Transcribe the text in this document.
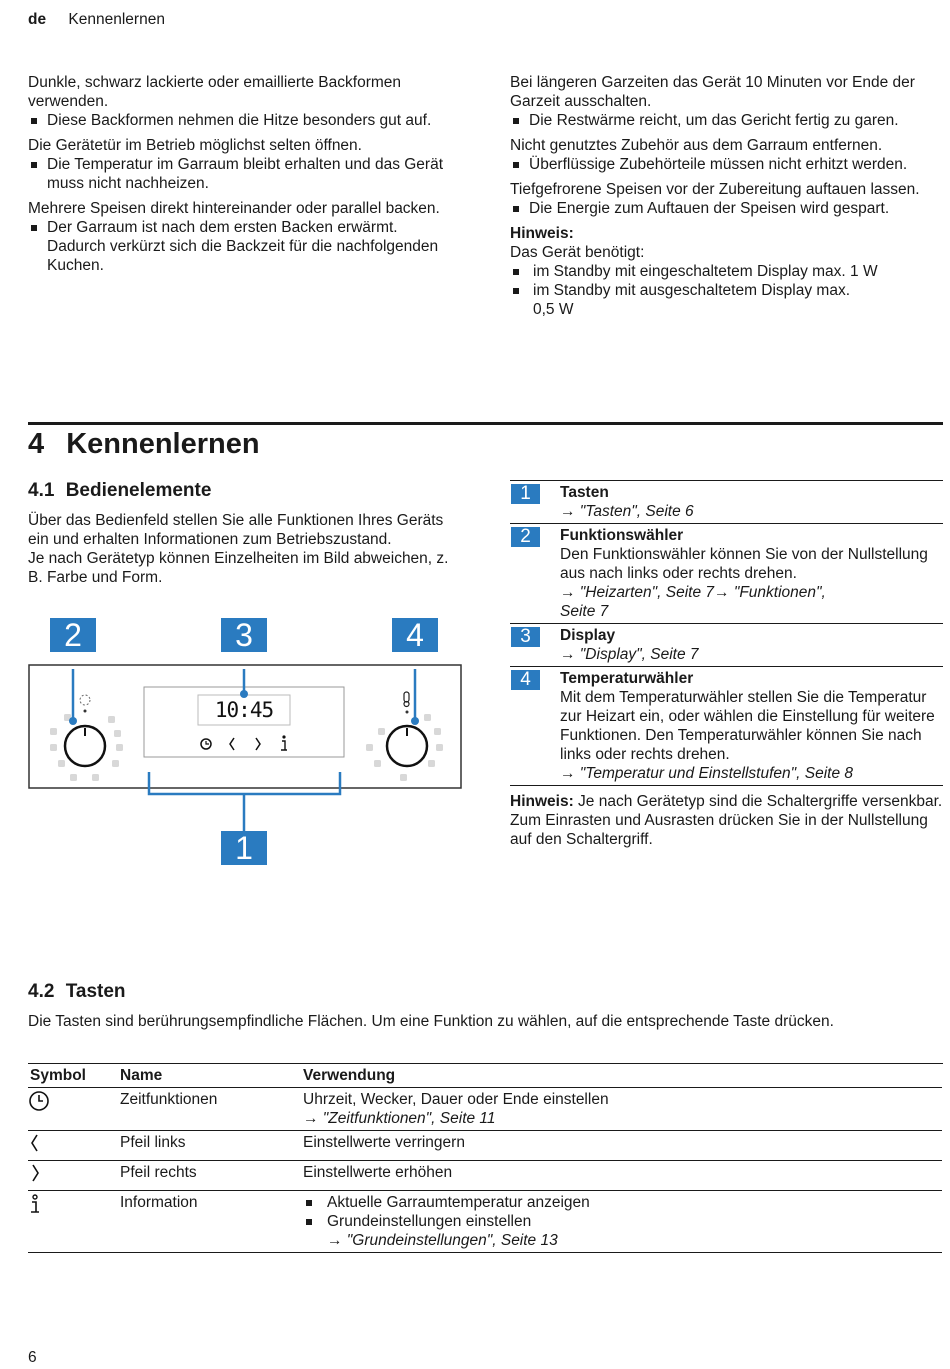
de Kennenlernen

Dunkle, schwarz lackierte oder emaillierte Backformen verwenden.

Diese Backformen nehmen die Hitze besonders gut auf.

Die Gerätetür im Betrieb möglichst selten öffnen.

Die Temperatur im Garraum bleibt erhalten und das Gerät muss nicht nachheizen.

Mehrere Speisen direkt hintereinander oder parallel backen.

Der Garraum ist nach dem ersten Backen erwärmt. Dadurch verkürzt sich die Backzeit für die nachfolgenden Kuchen.

Bei längeren Garzeiten das Gerät 10 Minuten vor Ende der Garzeit ausschalten.

Die Restwärme reicht, um das Gericht fertig zu garen.

Nicht genutztes Zubehör aus dem Garraum entfernen.

Überflüssige Zubehörteile müssen nicht erhitzt werden.

Tiefgefrorene Speisen vor der Zubereitung auftauen lassen.

Die Energie zum Auftauen der Speisen wird gespart.

Hinweis:

Das Gerät benötigt:

im Standby mit eingeschaltetem Display max. 1 W

im Standby mit ausgeschaltetem Display max. 0,5 W

4 Kennenlernen
4.1 Bedienelemente

Über das Bedienfeld stellen Sie alle Funktionen Ihres Geräts ein und erhalten Informationen zum Betriebszustand.

Je nach Gerätetyp können Einzelheiten im Bild abweichen, z. B. Farbe und Form.

10:45
2	3	4
1
1	Tasten

→ "Tasten", Seite 6

2	Funktionswähler

Den Funktionswähler können Sie von der Nullstellung aus nach links oder rechts drehen.

→ "Heizarten", Seite 7→ "Funktionen", Seite 7

3	Display

→ "Display", Seite 7

4	Temperaturwähler

Mit dem Temperaturwähler stellen Sie die Temperatur zur Heizart ein, oder wählen die Einstellung für weitere Funktionen. Den Temperaturwähler können Sie nach links oder rechts drehen.

→ "Temperatur und Einstellstufen", Seite 8

Hinweis: Je nach Gerätetyp sind die Schaltergriffe versenkbar. Zum Einrasten und Ausrasten drücken Sie in der Nullstellung auf den Schaltergriff.

4.2 Tasten

Die Tasten sind berührungsempfindliche Flächen. Um eine Funktion zu wählen, auf die entsprechende Taste drücken.

Symbol	Name	Verwendung
	Zeitfunktionen	Uhrzeit, Wecker, Dauer oder Ende einstellen

→ "Zeitfunktionen", Seite 11

	Pfeil links	Einstellwerte verringern
	Pfeil rechts	Einstellwerte erhöhen
	Information	Aktuelle Garraumtemperatur anzeigen

Grundeinstellungen einstellen

→ "Grundeinstellungen", Seite 13

6
